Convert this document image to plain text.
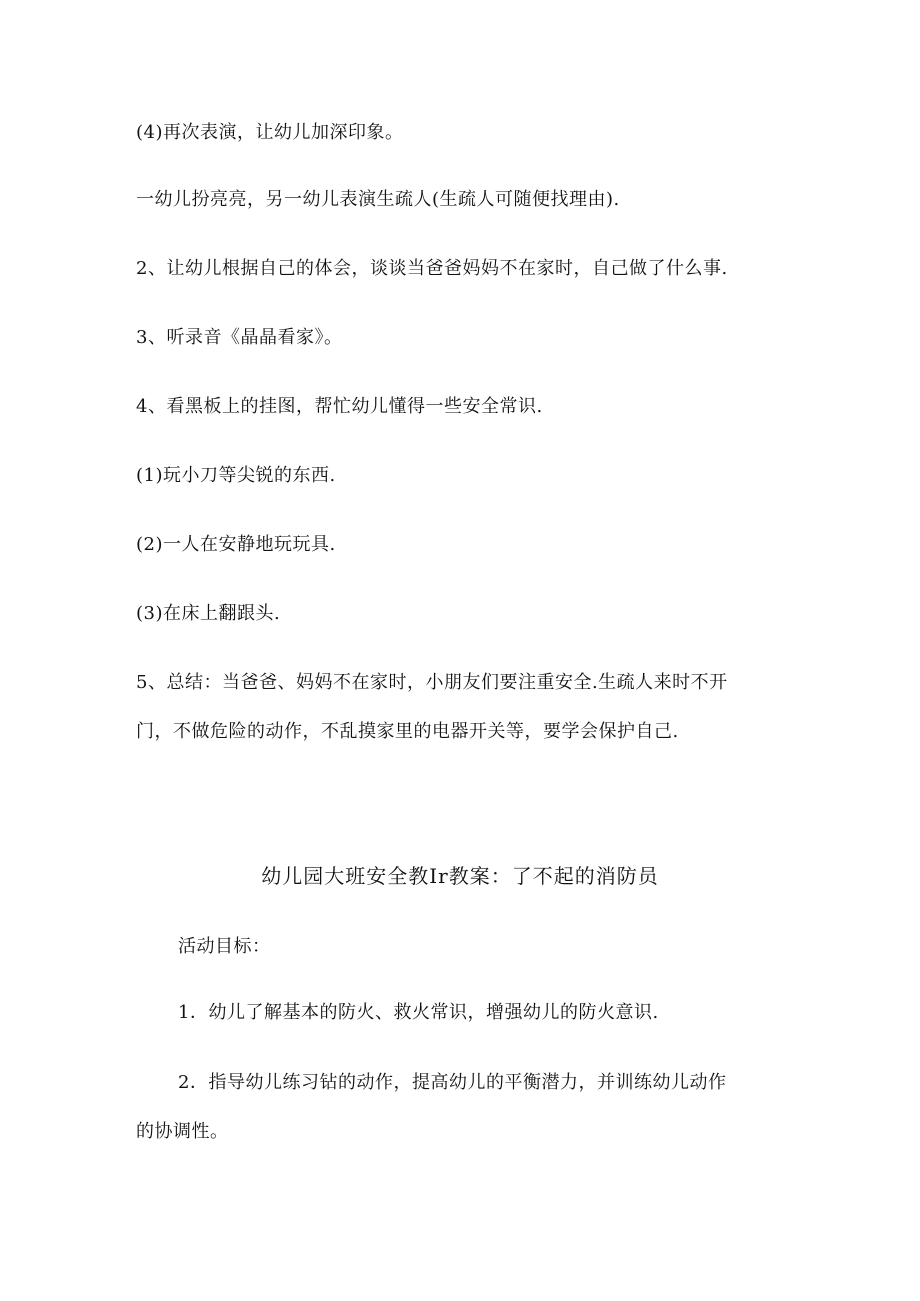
(4)再次表演，让幼儿加深印象。
一幼儿扮亮亮，另一幼儿表演生疏人(生疏人可随便找理由).
2、让幼儿根据自己的体会，谈谈当爸爸妈妈不在家时，自己做了什么事.
3、听录音《晶晶看家》。
4、看黑板上的挂图，帮忙幼儿懂得一些安全常识.
(1)玩小刀等尖锐的东西.
(2)一人在安静地玩玩具.
(3)在床上翻跟头.
5、总结：当爸爸、妈妈不在家时，小朋友们要注重安全.生疏人来时不开
门，不做危险的动作，不乱摸家里的电器开关等，要学会保护自己.
幼儿园大班安全教Ir教案：了不起的消防员
活动目标：
1．幼儿了解基本的防火、救火常识，增强幼儿的防火意识.
2．指导幼儿练习钻的动作，提高幼儿的平衡潜力，并训练幼儿动作
的协调性。
